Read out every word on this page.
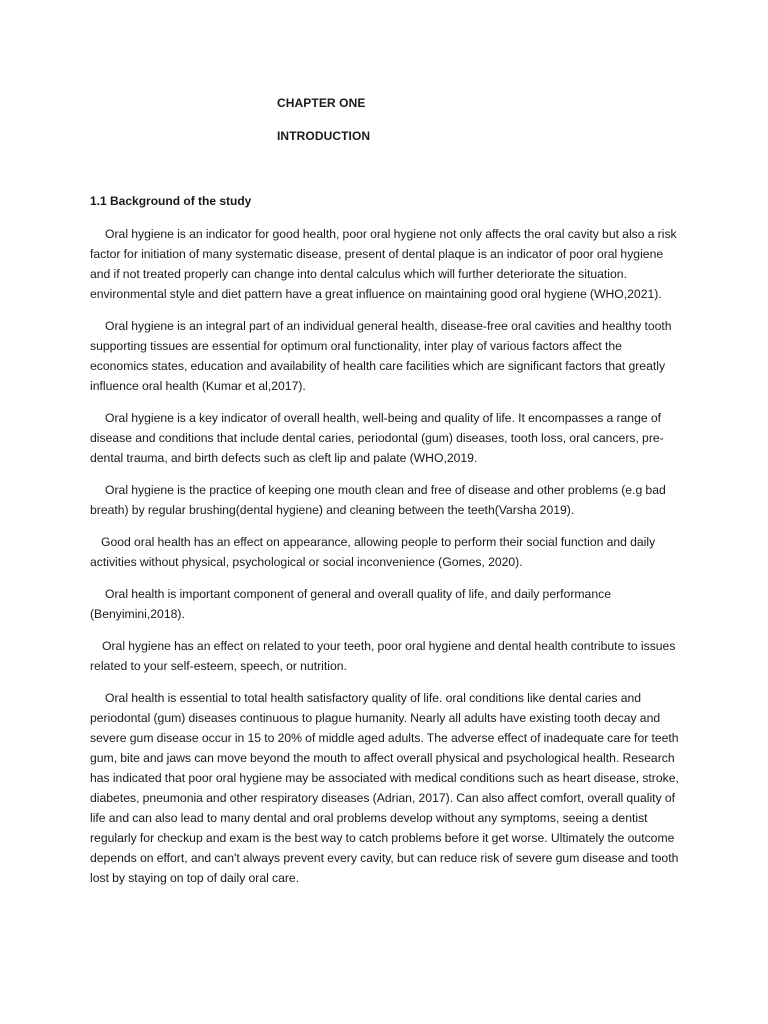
CHAPTER ONE
INTRODUCTION
1.1 Background of the study

Oral hygiene is an indicator for good health, poor oral hygiene not only affects the oral cavity but also a risk factor for initiation of many systematic disease, present of dental plaque is an indicator of poor oral hygiene and if not treated properly can change into dental calculus which will further deteriorate the situation. environmental style and diet pattern have a great influence on maintaining good oral hygiene (WHO,2021).

Oral hygiene is an integral part of an individual general health, disease-free oral cavities and healthy tooth supporting tissues are essential for optimum oral functionality, inter play of various factors affect the economics states, education and availability of health care facilities which are significant factors that greatly influence oral health (Kumar et al,2017).

Oral hygiene is a key indicator of overall health, well-being and quality of life. It encompasses a range of disease and conditions that include dental caries, periodontal (gum) diseases, tooth loss, oral cancers, pre-dental trauma, and birth defects such as cleft lip and palate (WHO,2019.

Oral hygiene is the practice of keeping one mouth clean and free of disease and other problems (e.g bad breath) by regular brushing(dental hygiene) and cleaning between the teeth(Varsha 2019).

Good oral health has an effect on appearance, allowing people to perform their social function and daily activities without physical, psychological or social inconvenience (Gomes, 2020).

Oral health is important component of general and overall quality of life, and daily performance (Benyimini,2018).

Oral hygiene has an effect on related to your teeth, poor oral hygiene and dental health contribute to issues related to your self-esteem, speech, or nutrition.

Oral health is essential to total health satisfactory quality of life. oral conditions like dental caries and periodontal (gum) diseases continuous to plague humanity. Nearly all adults have existing tooth decay and severe gum disease occur in 15 to 20% of middle aged adults. The adverse effect of inadequate care for teeth gum, bite and jaws can move beyond the mouth to affect overall physical and psychological health. Research has indicated that poor oral hygiene may be associated with medical conditions such as heart disease, stroke, diabetes, pneumonia and other respiratory diseases (Adrian, 2017). Can also affect comfort, overall quality of life and can also lead to many dental and oral problems develop without any symptoms, seeing a dentist regularly for checkup and exam is the best way to catch problems before it get worse. Ultimately the outcome depends on effort, and can't always prevent every cavity, but can reduce risk of severe gum disease and tooth lost by staying on top of daily oral care.
